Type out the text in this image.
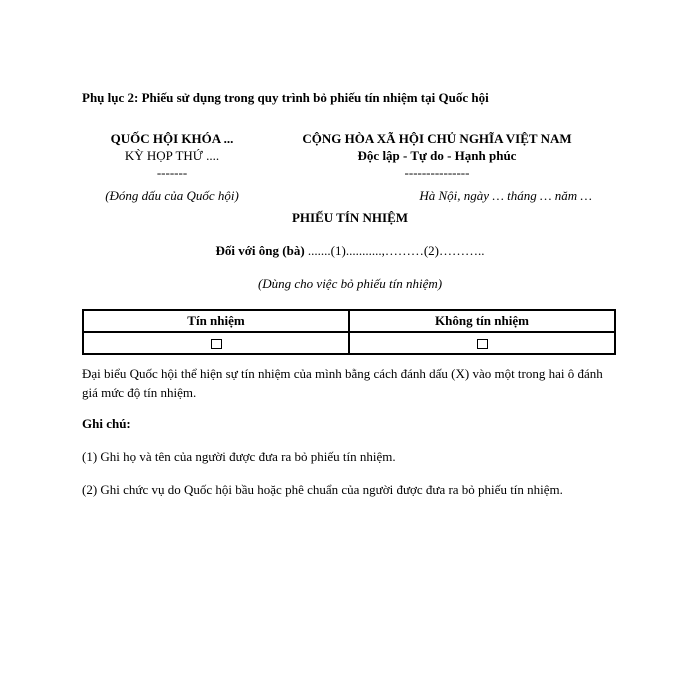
Phụ lục 2: Phiếu sử dụng trong quy trình bỏ phiếu tín nhiệm tại Quốc hội
QUỐC HỘI KHÓA ...
KỲ HỌP THỨ ....
-------
(Đóng dấu của Quốc hội)
CỘNG HÒA XÃ HỘI CHỦ NGHĨA VIỆT NAM
Độc lập - Tự do - Hạnh phúc
---------------
Hà Nội, ngày … tháng … năm …
PHIẾU TÍN NHIỆM
Đối với ông (bà) .......(1)...........,………(2)………..
(Dùng cho việc bỏ phiếu tín nhiệm)
Tín nhiệm	Không tín nhiệm

Đại biểu Quốc hội thể hiện sự tín nhiệm của mình bằng cách đánh dấu (X) vào một trong hai ô đánh giá mức độ tín nhiệm.
Ghi chú:
(1) Ghi họ và tên của người được đưa ra bỏ phiếu tín nhiệm.
(2) Ghi chức vụ do Quốc hội bầu hoặc phê chuẩn của người được đưa ra bỏ phiếu tín nhiệm.
